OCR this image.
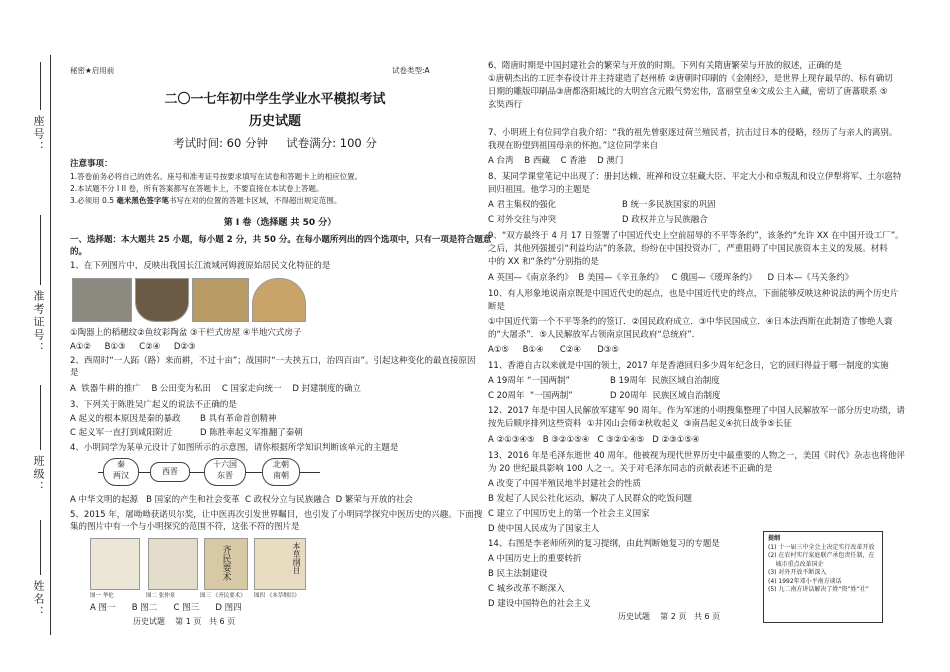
座号：
准考证号：
班级：
姓名：
秘密★启用前	试卷类型:A
二〇一七年初中学生学业水平模拟考试
历史试题
考试时间: 60 分钟     试卷满分: 100 分
注意事项：
1.答卷前务必将自己的姓名、座号和准考证号按要求填写在试卷和答题卡上的相应位置。
2.本试题不分 I II 卷，所有答案都写在答题卡上，不要直接在本试卷上答题。
3.必须用 0.5 毫米黑色签字笔书写在对的位置的答题卡区域，不得超出规定范围。
第 I 卷（选择题 共 50 分）
一、选择题：本大题共 25 小题，每小题 2 分，共 50 分。在每小题所列出的四个选项中，只有一项是符合题意
的。
1、在下列图片中，反映出我国长江流域河姆渡原始居民文化特征的是
①陶器上的稻穗纹②鱼纹彩陶盆 ③干栏式房屋 ④半地穴式房子
A①②     B①③     C②④     D②③
2、西周时“一人跖（路）来而耕，不过十亩”；战国时“一夫挟五口，治四百亩”。引起这种变化的最直接原因
是
A  铁器牛耕的推广    B 公田变为私田    C 国家走向统一    D 封建制度的确立
3、下列关于陈胜吴广起义的说法不正确的是
A 起义的根本原因是秦的暴政 B 具有革命首创精神
C 起义军一直打到咸阳附近	D 陈胜率起义军推翻了秦朝
4、小明同学为某单元设计了如图所示的示意图，请你根据所学知识判断该单元的主题是
秦
两汉	西晋
十六国
东晋
北朝
南朝
A 中华文明的起源   B 国家的产生和社会变革  C 政权分立与民族融合  D 繁荣与开放的社会
5、2015 年，屠呦呦获诺贝尔奖，让中医再次引发世界瞩目，也引发了小明同学探究中医历史的兴趣。下面搜
集的图片中有一个与小明探究的范围不符，这张不符的图片是
齐民要术	本草纲目
图一 华佗	图二 张仲景	图三 《齐民要术》 图四 《本草纲目》
A 图一      B 图二      C 图三      D 图四
历史试题    第 1 页   共 6 页
6、隋唐时期是中国封建社会的繁荣与开放的时期。下列有关隋唐繁荣与开放的叙述，正确的是
①唐朝杰出的工匠李春设计并主持建造了赵州桥 ②唐朝时印刷的《金刚经》，是世界上现存最早的、标有确切
日期的雕版印刷品③唐都洛阳城比的大明宫含元殿气势宏伟，富丽堂皇④文成公主入藏，密切了唐蕃联系 ⑤
玄奘西行
7、小明班上有位同学自我介绍：“我的祖先曾驱逐过荷兰殖民者，抗击过日本的侵略，经历了与亲人的离别。
我现在盼望到祖国母亲的怀抱。”这位同学来自
A 台湾    B 西藏    C 香港    D 澳门
8、某同学课堂笔记中出现了：册封达赖、班禅和设立驻藏大臣、平定大小和卓叛乱和设立伊犁将军、土尔扈特
回归祖国。他学习的主题是
A 君主集权的强化	B 统一多民族国家的巩固
C 对外交往与冲突	D 政权并立与民族融合
9、“双方最终于 4 月 17 日签署了中国近代史上空前屈辱的不平等条约”，该条约“允许 XX 在中国开设工厂”。
之后，其他列强援引“利益均沾”的条款，纷纷在中国投资办厂，严重阻碍了中国民族资本主义的发展。材料
中的 XX 和“条约”分别指的是
A 英国—《南京条约》  B 美国—《辛丑条约》   C 俄国—《瑷珲条约》    D 日本—《马关条约》
10、有人形象地说南京既是中国近代史的起点，也是中国近代史的终点，下面能够反映这种说法的两个历史片
断是
①中国近代第一个不平等条约的签订．②国民政府成立．③中华民国成立．④日本法西斯在此制造了惨绝人寰
的“大屠杀”．⑤人民解放军占领南京国民政府“总统府”．
A①⑤     B①④      C②④      D③⑤
11、香港自古以来就是中国的领土，2017 年是香港回归多少周年纪念日，它的回归得益于哪一制度的实施
A 19周年 “一国两制”	B 19周年  民族区域自治制度
C 20周年  “一国两制”	D 20周年  民族区域自治制度
12、2017 年是中国人民解放军建军 90 周年。作为军迷的小明搜集整理了中国人民解放军一部分历史功绩，请
按先后顺序排列这些资料  ①井冈山会师②秋收起义  ③南昌起义④抗日战争⑤长征
A ②①③④⑤   B ③②①⑤④   C ③②①④⑤   D ②③①⑤④
13、2016 年是毛泽东逝世 40 周年。他被视为现代世界历史中最重要的人物之一，美国《时代》杂志也将他评
为 20 世纪最具影响 100 人之一。关于对毛泽东同志的贡献表述不正确的是
A 改变了中国半殖民地半封建社会的性质
B 发起了人民公社化运动，解决了人民群众的吃饭问题
C 建立了中国历史上的第一个社会主义国家
D 使中国人民成为了国家主人
14、右图是李老师所列的复习提纲，由此判断她复习的专题是
A 中国历史上的重要转折
B 民主法制建设
C 城乡改革不断深入
D 建设中国特色的社会主义
提纲
(1) 十一届三中全会上决定实行改革开放
(2) 在农村实行家庭联产承包责任制，在
城市重点改革国企
(3) 对外开放不断深入
(4) 1992年邓小平南方谈话
(5) 九二南方讲话解决了姓“资”姓“社”
历史试题    第 2 页   共 6 页
